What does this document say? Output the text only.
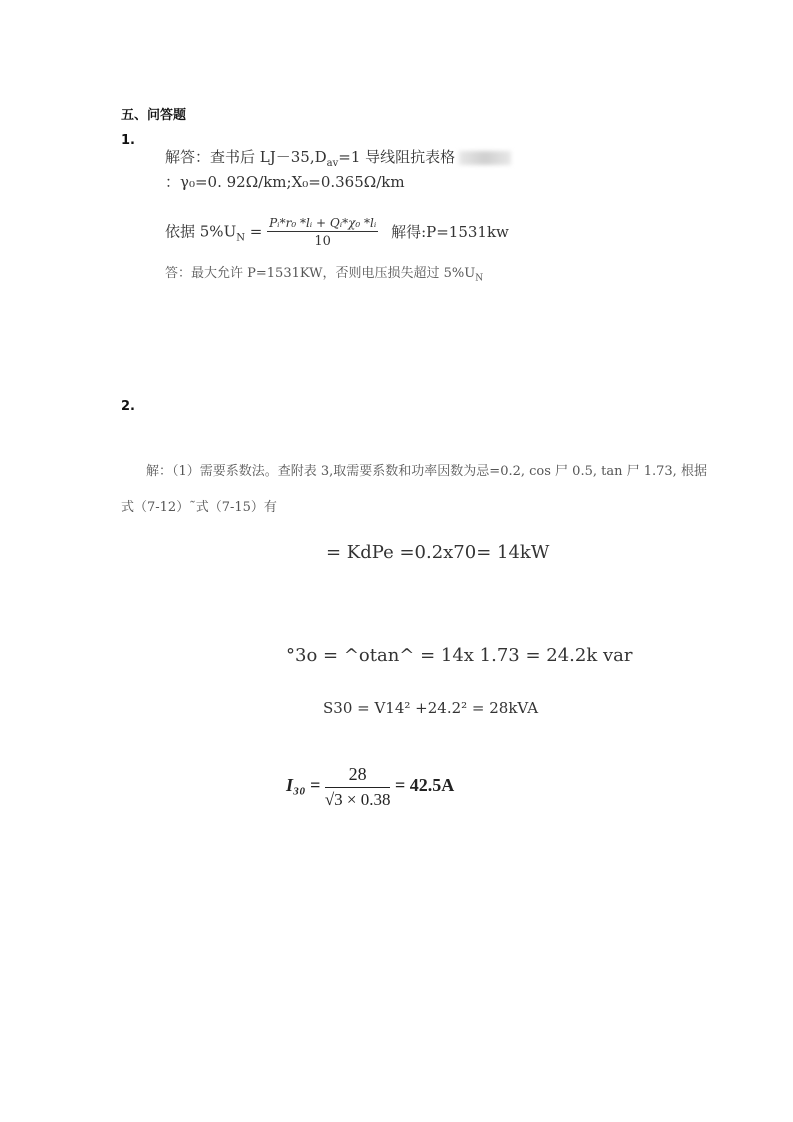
五、问答题
1.
解答：查书后 $LJ-35,D_{av}=1$ 导线阻抗表格
：γ₀=0. 92Ω/km;X₀=0.365Ω/km
依据 $5\%U_N = \frac{\text{Pᵢ*r₀ *lᵢ + Qᵢ*χ₀ *lᵢ}}{10}$ 解得:P=1531kw
答：最大允许 P=1531KW，否则电压损失超过 $5\%U_N$
2.
解：（1）需要系数法。查附表 3,取需要系数和功率因数为忌=0.2, cos 尸 0.5, tan 尸 1.73, 根据
式（7-12）˜式（7-15）有
= KdPe =0.2x70= 14kW
°3o = ^otan^ = 14x 1.73 = 24.2k var
S30 = V14² +24.2² = 28kVA
$I_{30} = \frac{28}{√3 \times 0.38} = 42.5A$
